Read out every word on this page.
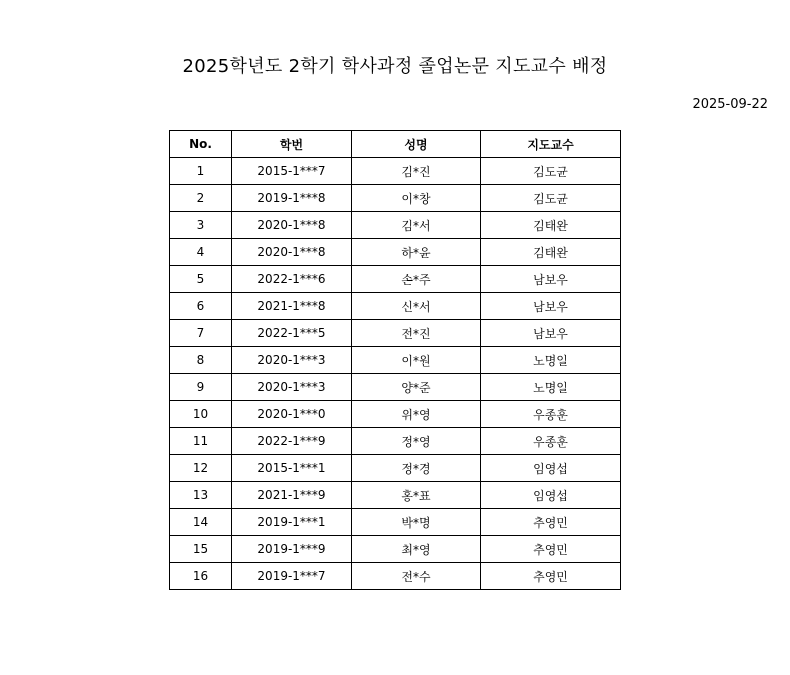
2025학년도 2학기 학사과정 졸업논문 지도교수 배정
2025-09-22
No.	학번	성명	지도교수
1	2015-1***7	김*진	김도균
2	2019-1***8	이*창	김도균
3	2020-1***8	김*서	김태완
4	2020-1***8	하*윤	김태완
5	2022-1***6	손*주	남보우
6	2021-1***8	신*서	남보우
7	2022-1***5	전*진	남보우
8	2020-1***3	이*원	노명일
9	2020-1***3	양*준	노명일
10	2020-1***0	위*영	우종훈
11	2022-1***9	정*영	우종훈
12	2015-1***1	정*경	임영섭
13	2021-1***9	홍*표	임영섭
14	2019-1***1	박*명	추영민
15	2019-1***9	최*영	추영민
16	2019-1***7	전*수	추영민
